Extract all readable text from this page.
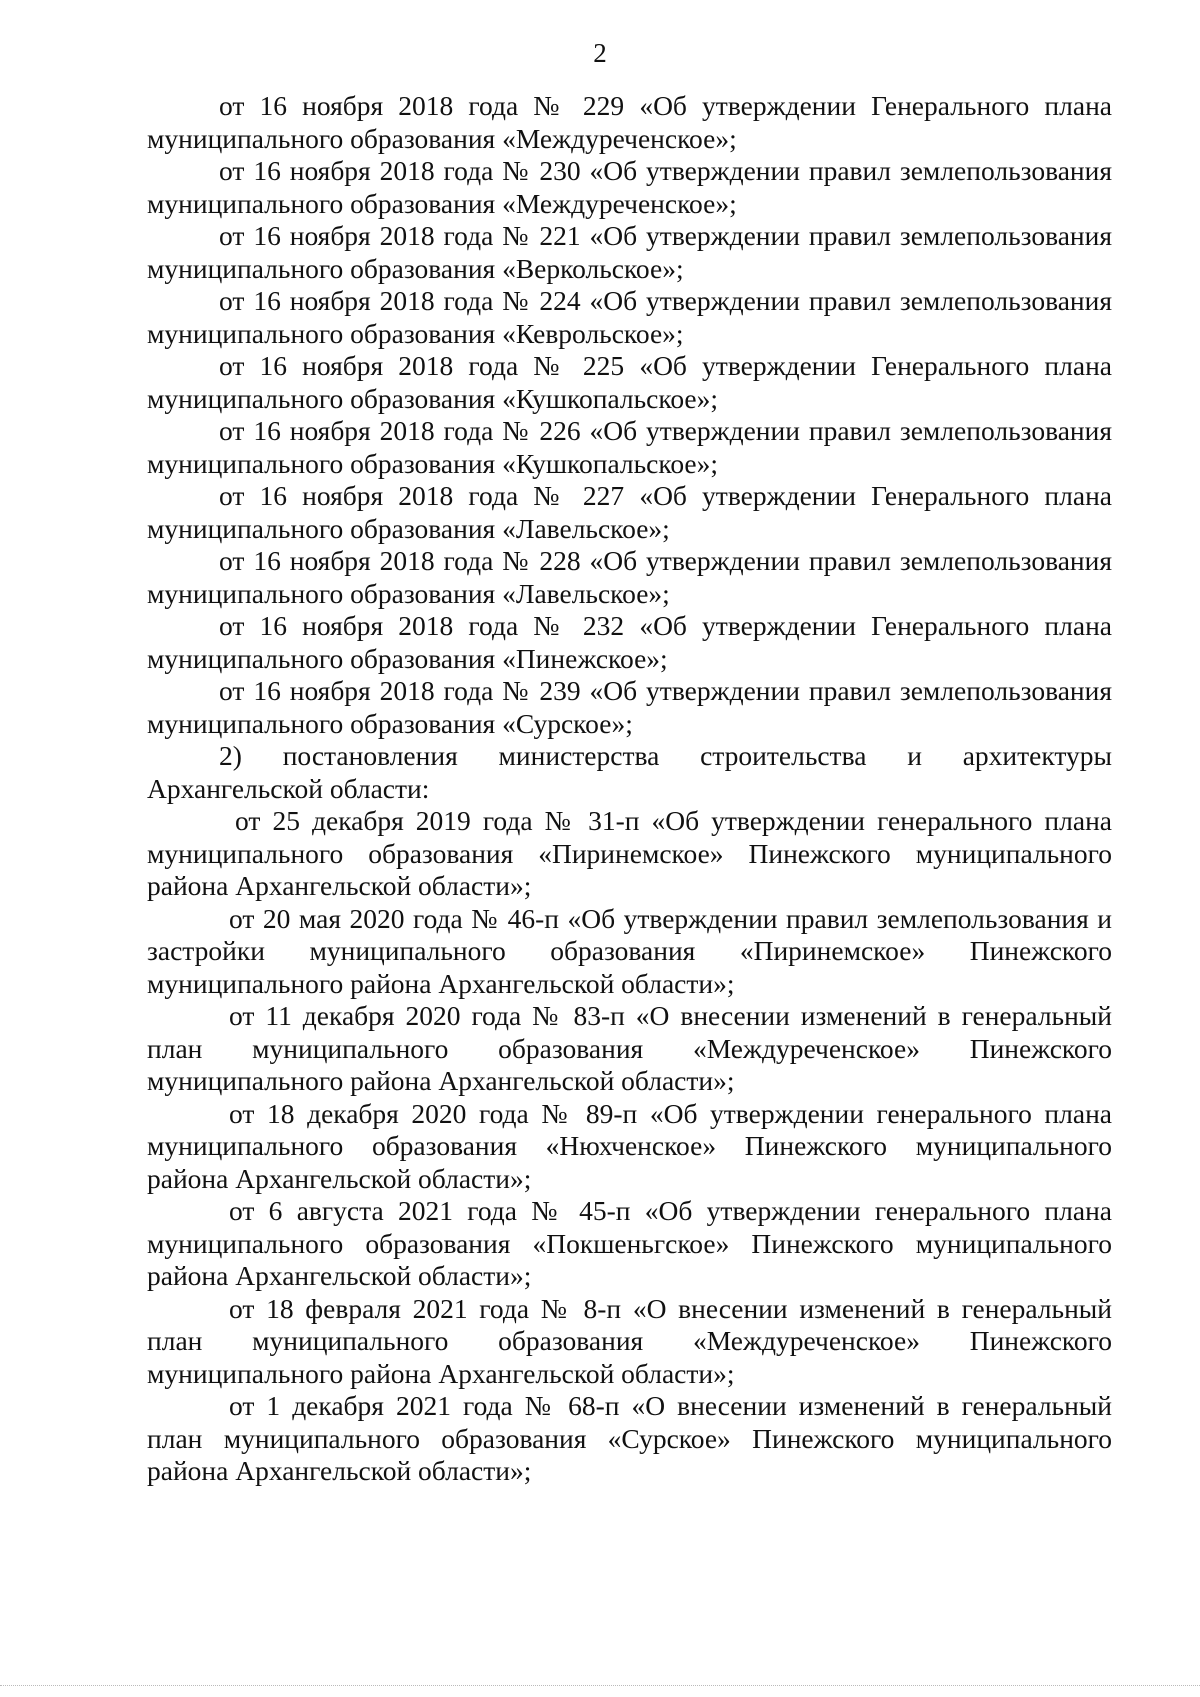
2

от 16 ноября 2018 года № 229 «Об утверждении Генерального плана муниципального образования «Междуреченское»;

от 16 ноября 2018 года № 230 «Об утверждении правил землепользования муниципального образования «Междуреченское»;

от 16 ноября 2018 года № 221 «Об утверждении правил землепользования муниципального образования «Веркольское»;

от 16 ноября 2018 года № 224 «Об утверждении правил землепользования муниципального образования «Кеврольское»;

от 16 ноября 2018 года № 225 «Об утверждении Генерального плана муниципального образования «Кушкопальское»;

от 16 ноября 2018 года № 226 «Об утверждении правил землепользования муниципального образования «Кушкопальское»;

от 16 ноября 2018 года № 227 «Об утверждении Генерального плана муниципального образования «Лавельское»;

от 16 ноября 2018 года № 228 «Об утверждении правил землепользования муниципального образования «Лавельское»;

от 16 ноября 2018 года № 232 «Об утверждении Генерального плана муниципального образования «Пинежское»;

от 16 ноября 2018 года № 239 «Об утверждении правил землепользования муниципального образования «Сурское»;

2) постановления министерства строительства и архитектуры Архангельской области:

от 25 декабря 2019 года № 31-п «Об утверждении генерального плана муниципального образования «Пиринемское» Пинежского муниципального района Архангельской области»;

от 20 мая 2020 года № 46-п «Об утверждении правил землепользования и застройки муниципального образования «Пиринемское» Пинежского муниципального района Архангельской области»;

от 11 декабря 2020 года № 83-п «О внесении изменений в генеральный план муниципального образования «Междуреченское» Пинежского муниципального района Архангельской области»;

от 18 декабря 2020 года № 89-п «Об утверждении генерального плана муниципального образования «Нюхченское» Пинежского муниципального района Архангельской области»;

от 6 августа 2021 года № 45-п «Об утверждении генерального плана муниципального образования «Покшеньгское» Пинежского муниципального района Архангельской области»;

от 18 февраля 2021 года № 8-п «О внесении изменений в генеральный план муниципального образования «Междуреченское» Пинежского муниципального района Архангельской области»;

от 1 декабря 2021 года № 68-п «О внесении изменений в генеральный план муниципального образования «Сурское» Пинежского муниципального района Архангельской области»;
